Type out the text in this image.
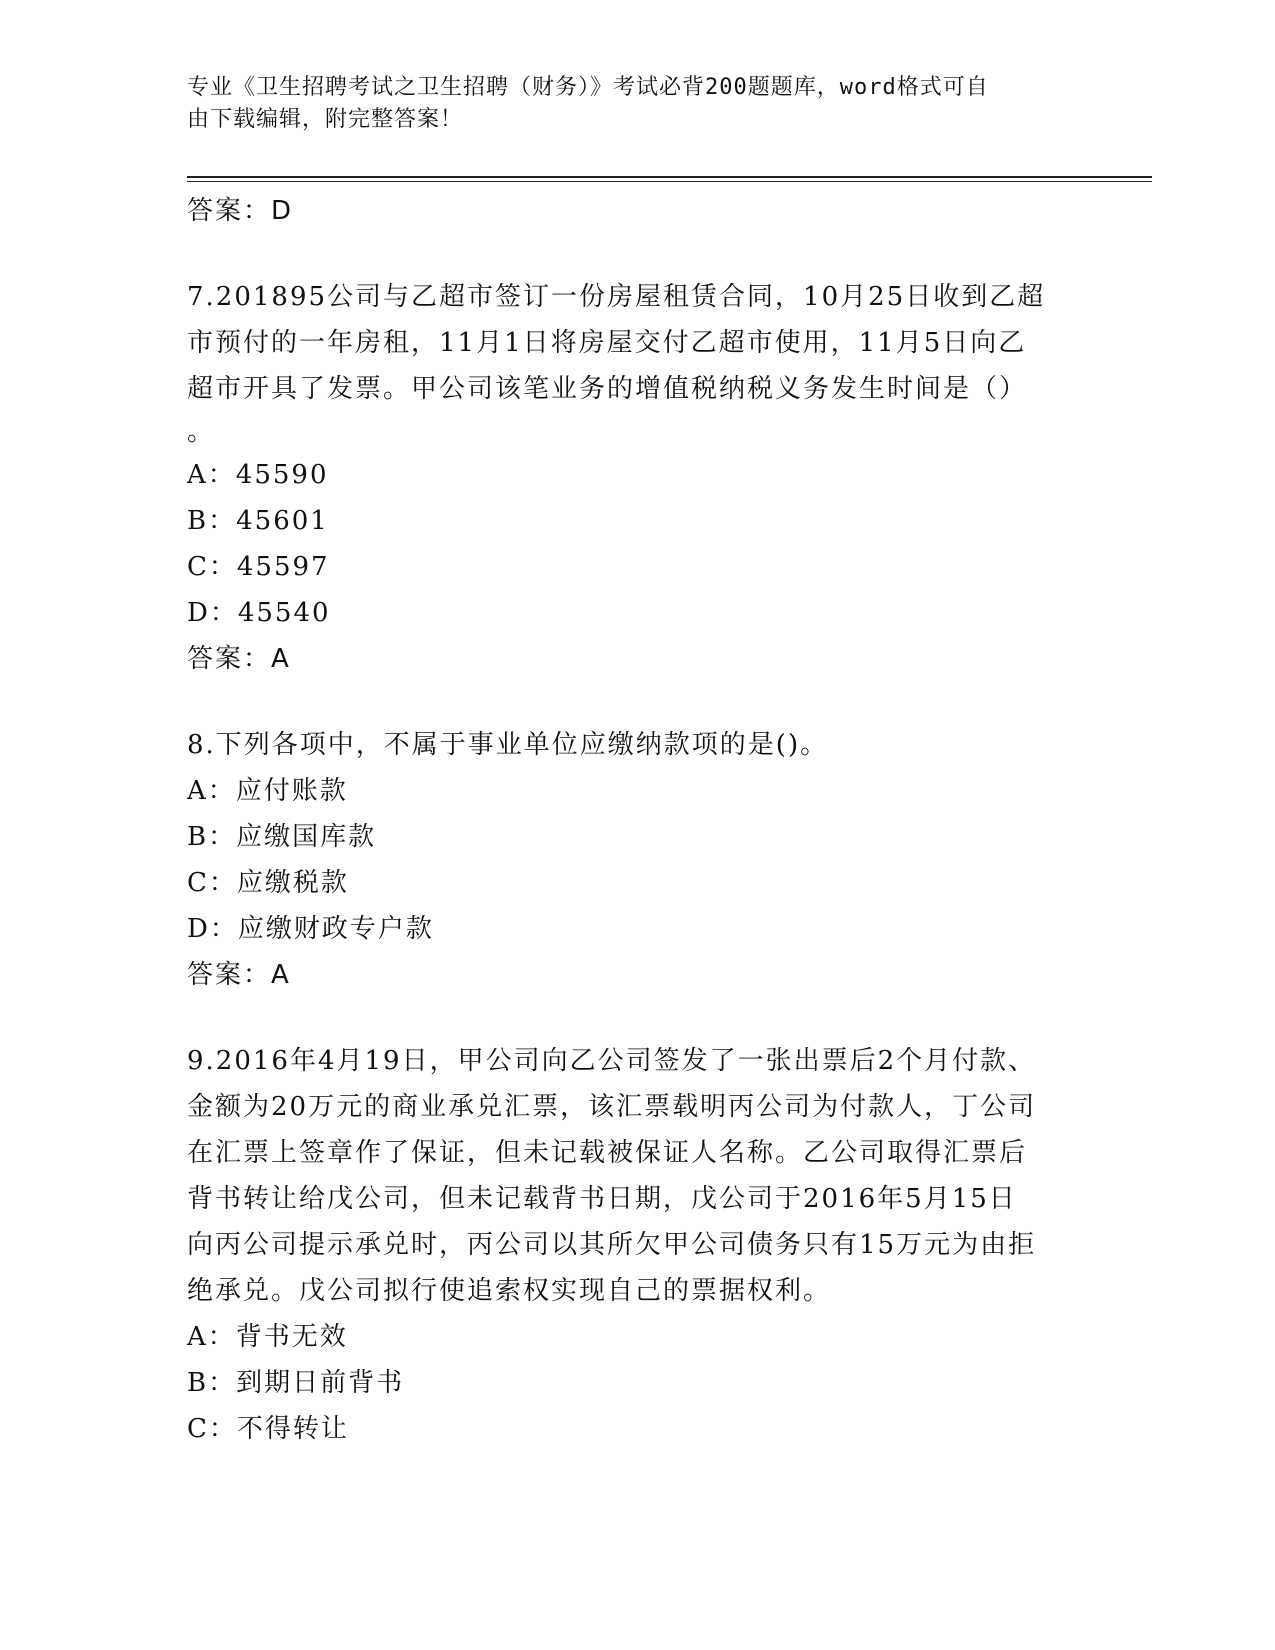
专业《卫生招聘考试之卫生招聘（财务）》考试必背200题题库，word格式可自
由下载编辑，附完整答案！
答案：D
7.201895公司与乙超市签订一份房屋租赁合同，10月25日收到乙超
市预付的一年房租，11月1日将房屋交付乙超市使用，11月5日向乙
超市开具了发票。甲公司该笔业务的增值税纳税义务发生时间是（）
。
A：45590
B：45601
C：45597
D：45540
答案：A
8.下列各项中，不属于事业单位应缴纳款项的是()。
A：应付账款
B：应缴国库款
C：应缴税款
D：应缴财政专户款
答案：A
9.2016年4月19日，甲公司向乙公司签发了一张出票后2个月付款、
金额为20万元的商业承兑汇票，该汇票载明丙公司为付款人，丁公司
在汇票上签章作了保证，但未记载被保证人名称。乙公司取得汇票后
背书转让给戊公司，但未记载背书日期，戊公司于2016年5月15日
向丙公司提示承兑时，丙公司以其所欠甲公司债务只有15万元为由拒
绝承兑。戊公司拟行使追索权实现自己的票据权利。
A：背书无效
B：到期日前背书
C：不得转让
